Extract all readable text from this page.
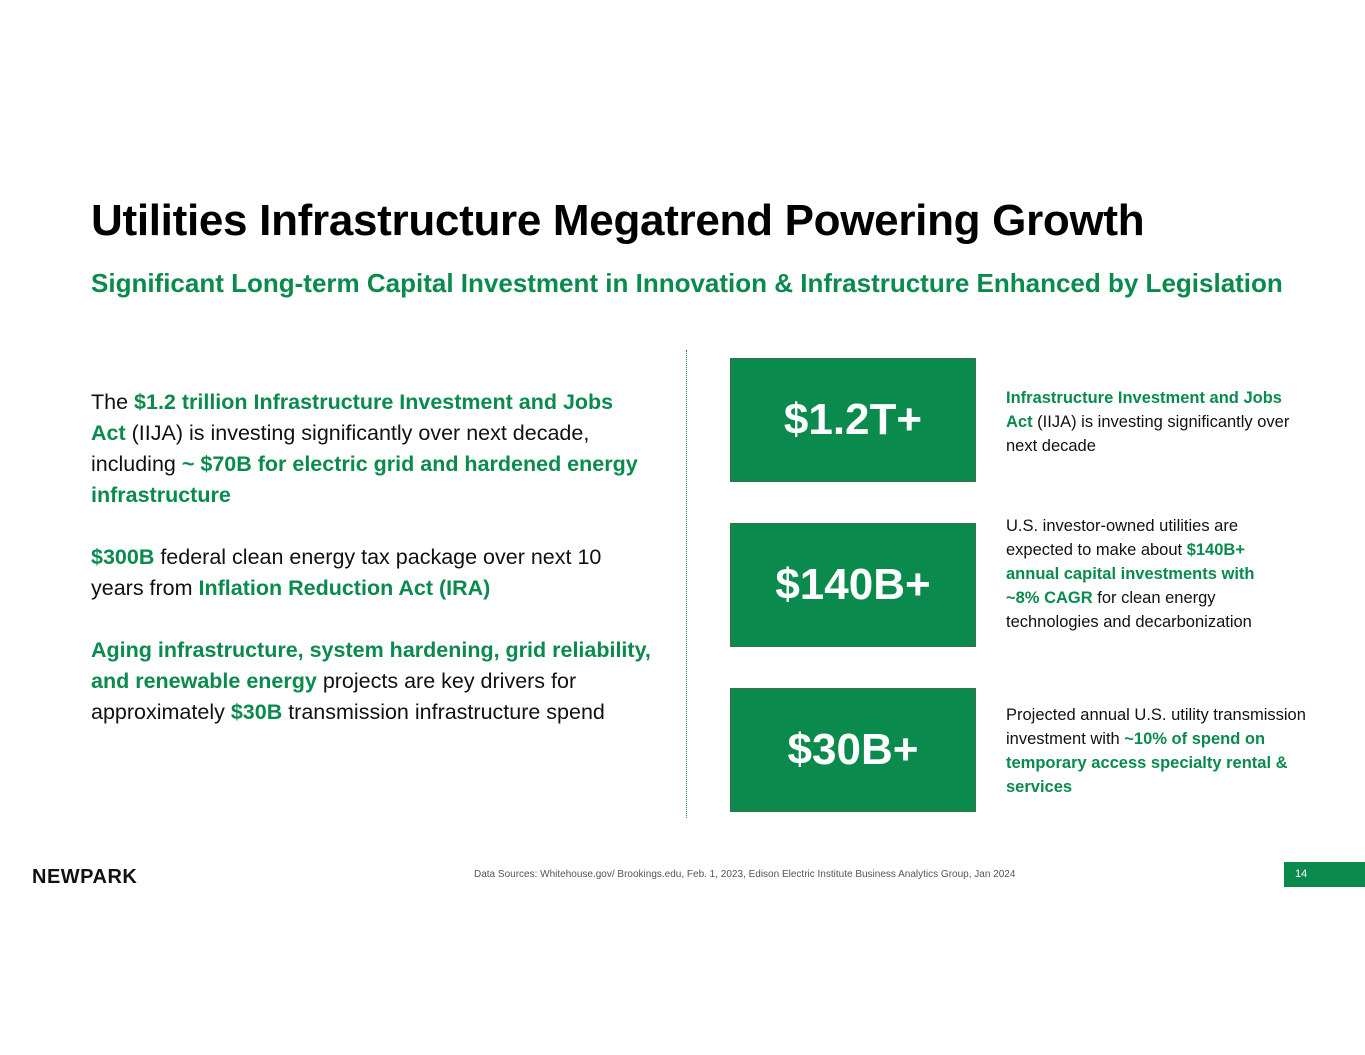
Utilities Infrastructure Megatrend Powering Growth
Significant Long-term Capital Investment in Innovation & Infrastructure Enhanced by Legislation

The $1.2 trillion Infrastructure Investment and Jobs Act (IIJA) is investing significantly over next decade, including ~ $70B for electric grid and hardened energy infrastructure

$300B federal clean energy tax package over next 10 years from Inflation Reduction Act (IRA)

Aging infrastructure, system hardening, grid reliability, and renewable energy projects are key drivers for approximately $30B transmission infrastructure spend

$1.2T+	Infrastructure Investment and Jobs Act (IIJA) is investing significantly over next decade
$140B+
U.S. investor-owned utilities are expected to make about $140B+ annual capital investments with ~8% CAGR for clean energy technologies and decarbonization
$30B+
Projected annual U.S. utility transmission investment with ~10% of spend on temporary access specialty rental & services
NEWPARK	Data Sources: Whitehouse.gov/ Brookings.edu, Feb. 1, 2023, Edison Electric Institute Business Analytics Group, Jan 2024	14
